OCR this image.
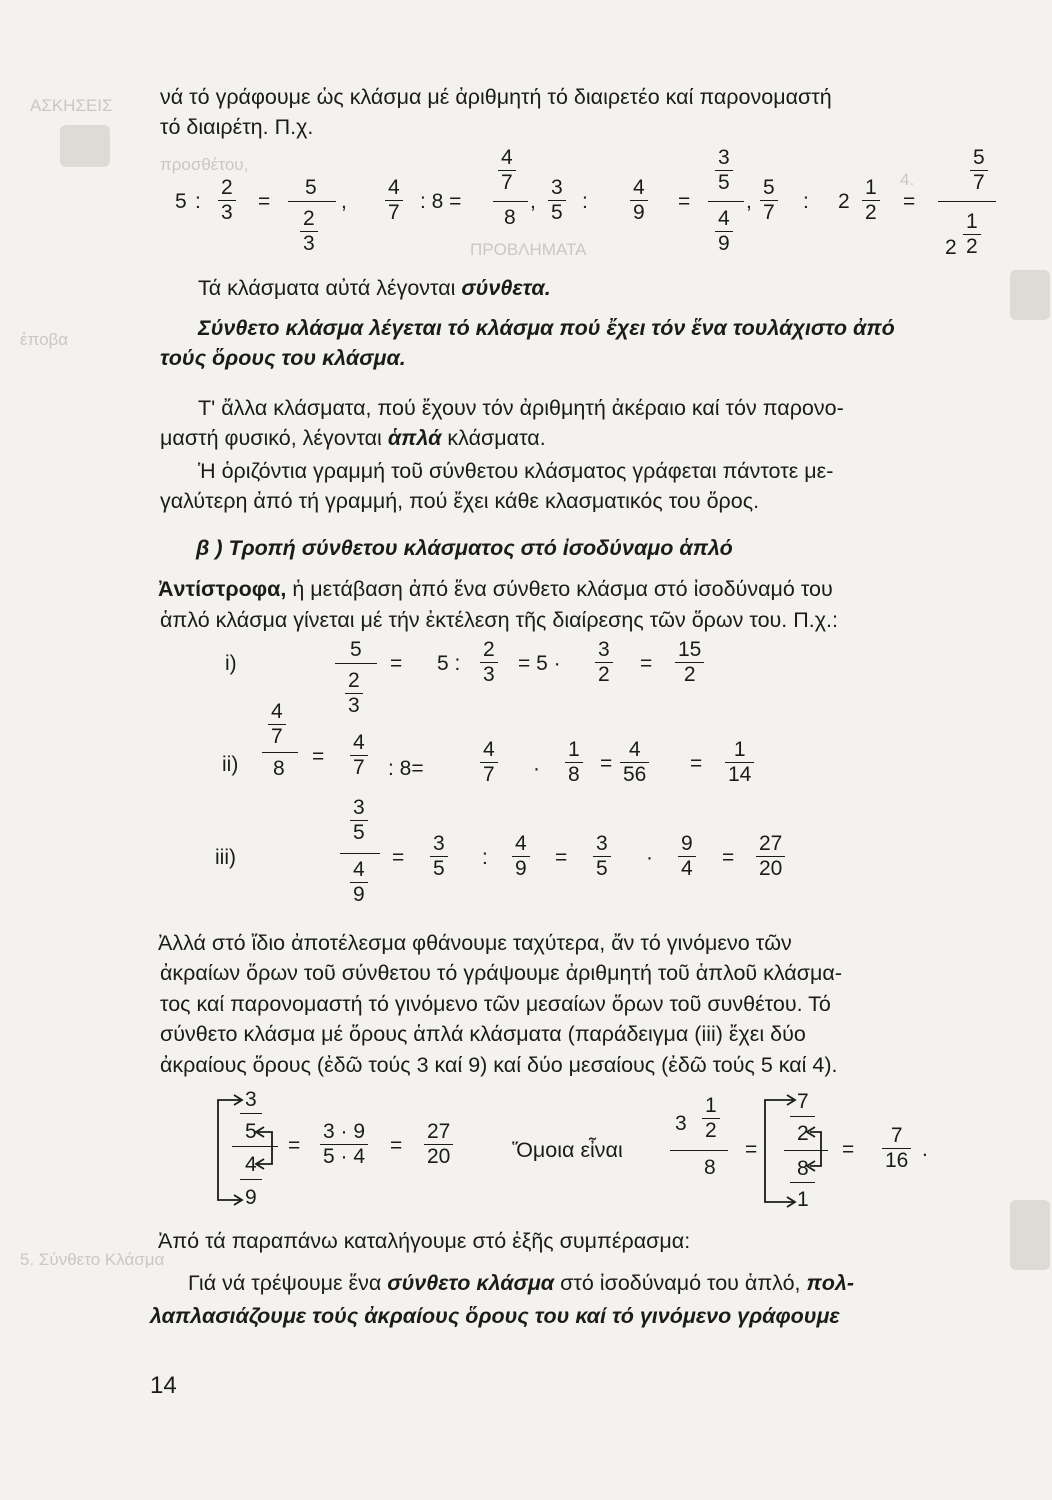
ΑΣΚΗΣΕΙΣ
προσθέτου,
4.
ΠΡΟΒΛΗΜΑΤΑ
ἐποβα
5. Σύνθετο Κλάσμα
νά τό γράφουμε ὡς κλάσμα μέ ἀριθμητή τό διαιρετέο καί παρονομαστή
τό διαιρέτη. Π.χ.
5 :
2
3 =
5
2
3
,
4
7 : 8 =
4
7
8
,
3
5 :
4
9 =
3
5
4
9
,
5
7 : 2
1
2 =
5
7
2
1
2
Τά κλάσματα αὐτά λέγονται σύνθετα.
Σύνθετο κλάσμα λέγεται τό κλάσμα πού ἔχει τόν ἕνα τουλάχιστο ἀπό
τούς ὅρους του κλάσμα.
Τ' ἄλλα κλάσματα, πού ἔχουν τόν ἀριθμητή ἀκέραιο καί τόν παρονο-
μαστή φυσικό, λέγονται ἁπλά κλάσματα.
Ἡ ὁριζόντια γραμμή τοῦ σύνθετου κλάσματος γράφεται πάντοτε με-
γαλύτερη ἀπό τή γραμμή, πού ἔχει κάθε κλασματικός του ὅρος.
β ) Τροπή σύνθετου κλάσματος στό ἰσοδύναμο ἁπλό
Ἀντίστροφα, ἡ μετάβαση ἀπό ἕνα σύνθετο κλάσμα στό ἰσοδύναμό του
ἁπλό κλάσμα γίνεται μέ τήν ἐκτέλεση τῆς διαίρεσης τῶν ὅρων του. Π.χ.:
i)
5
2
3
= 5 :
2
3 = 5 ·
3
2 =
15
2
4
7
ii) 8
=
4
7 : 8=
4
7 ·
1
8 =
4
56 =
1
14
3
5
iii)
4
9
=
3
5 :
4
9 =
3
5 ·
9
4 =
27
20
Ἀλλά στό ἴδιο ἀποτέλεσμα φθάνουμε ταχύτερα, ἄν τό γινόμενο τῶν
ἀκραίων ὅρων τοῦ σύνθετου τό γράψουμε ἀριθμητή τοῦ ἁπλοῦ κλάσμα-
τος καί παρονομαστή τό γινόμενο τῶν μεσαίων ὅρων τοῦ συνθέτου. Τό
σύνθετο κλάσμα μέ ὅρους ἁπλά κλάσματα (παράδειγμα (iii) ἔχει δύο
ἀκραίους ὅρους (ἐδῶ τούς 3 καί 9) καί δύο μεσαίους (ἐδῶ τούς 5 καί 4).
3
5
4
9
=
3 · 9
5 · 4 =
27
20	Ὅμοια εἶναι
3
1
2
8
=
7
2
8
1
=
7
16 .
Ἀπό τά παραπάνω καταλήγουμε στό ἑξῆς συμπέρασμα:
Γιά νά τρέψουμε ἕνα σύνθετο κλάσμα στό ἰσοδύναμό του ἁπλό, πολ-
λαπλασιάζουμε τούς ἀκραίους ὅρους του καί τό γινόμενο γράφουμε
14
